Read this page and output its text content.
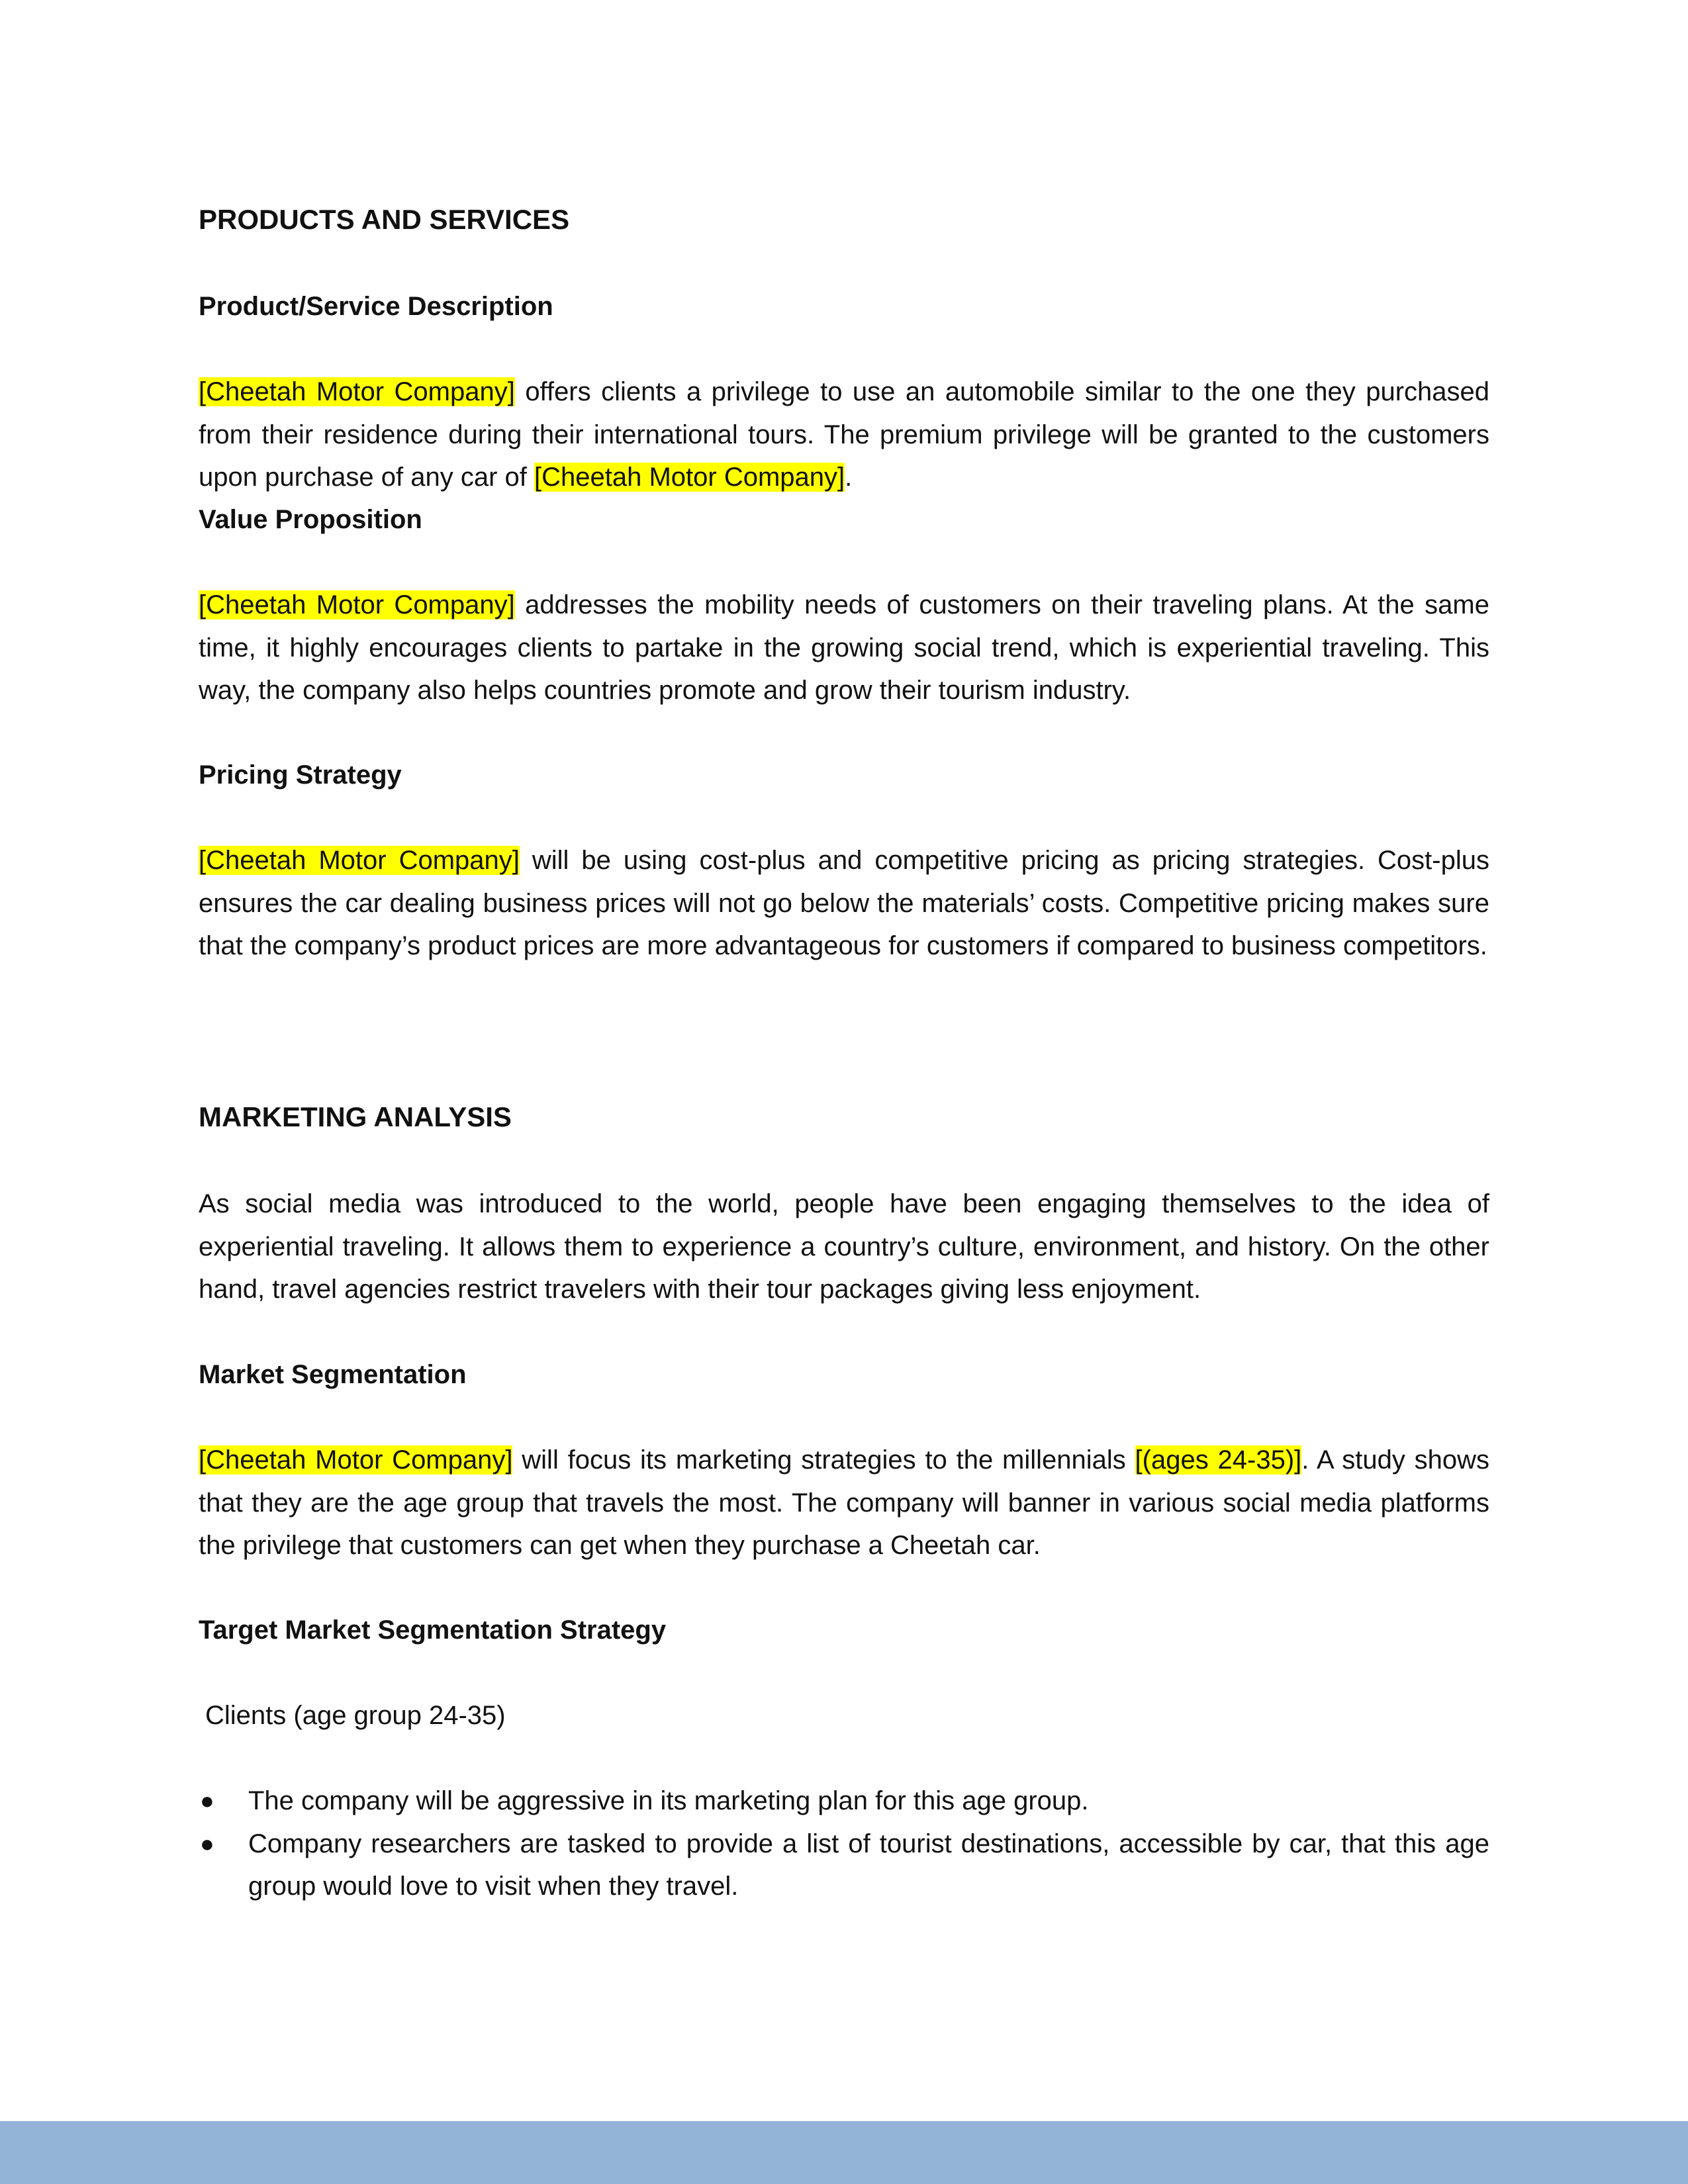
PRODUCTS AND SERVICES
Product/Service Description

[Cheetah Motor Company] offers clients a privilege to use an automobile similar to the one they purchased from their residence during their international tours. The premium privilege will be granted to the customers upon purchase of any car of [Cheetah Motor Company].

Value Proposition

[Cheetah Motor Company] addresses the mobility needs of customers on their traveling plans. At the same time, it highly encourages clients to partake in the growing social trend, which is experiential traveling. This way, the company also helps countries promote and grow their tourism industry.

Pricing Strategy

[Cheetah Motor Company] will be using cost-plus and competitive pricing as pricing strategies. Cost-plus ensures the car dealing business prices will not go below the materials’ costs. Competitive pricing makes sure that the company’s product prices are more advantageous for customers if compared to business competitors.

MARKETING ANALYSIS

As social media was introduced to the world, people have been engaging themselves to the idea of experiential traveling. It allows them to experience a country’s culture, environment, and history. On the other hand, travel agencies restrict travelers with their tour packages giving less enjoyment.

Market Segmentation

[Cheetah Motor Company] will focus its marketing strategies to the millennials [(ages 24-35)]. A study shows that they are the age group that travels the most. The company will banner in various social media platforms the privilege that customers can get when they purchase a Cheetah car.

Target Market Segmentation Strategy
Clients (age group 24-35)
● The company will be aggressive in its marketing plan for this age group.
● Company researchers are tasked to provide a list of tourist destinations, accessible by car, that this age group would love to visit when they travel.
